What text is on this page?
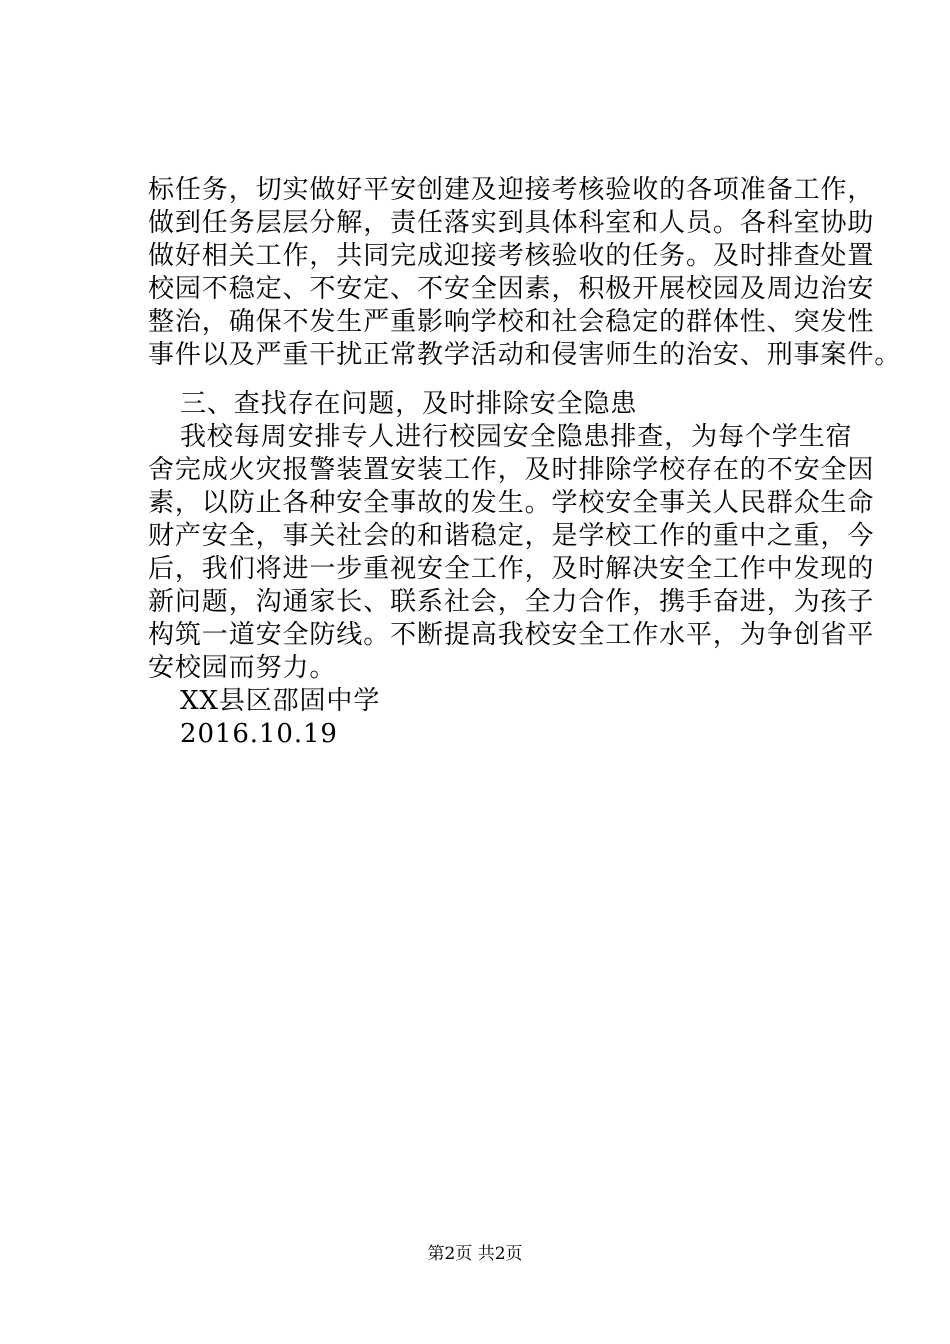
标任务，切实做好平安创建及迎接考核验收的各项准备工作，
做到任务层层分解，责任落实到具体科室和人员。各科室协助
做好相关工作，共同完成迎接考核验收的任务。及时排查处置
校园不稳定、不安定、不安全因素，积极开展校园及周边治安
整治，确保不发生严重影响学校和社会稳定的群体性、突发性
事件以及严重干扰正常教学活动和侵害师生的治安、刑事案件。
三、查找存在问题，及时排除安全隐患
我校每周安排专人进行校园安全隐患排查，为每个学生宿
舍完成火灾报警装置安装工作，及时排除学校存在的不安全因
素，以防止各种安全事故的发生。学校安全事关人民群众生命
财产安全，事关社会的和谐稳定，是学校工作的重中之重，今
后，我们将进一步重视安全工作，及时解决安全工作中发现的
新问题，沟通家长、联系社会，全力合作，携手奋进，为孩子
构筑一道安全防线。不断提高我校安全工作水平，为争创省平
安校园而努力。
XX县区邵固中学
2016.10.19
第2页 共2页
